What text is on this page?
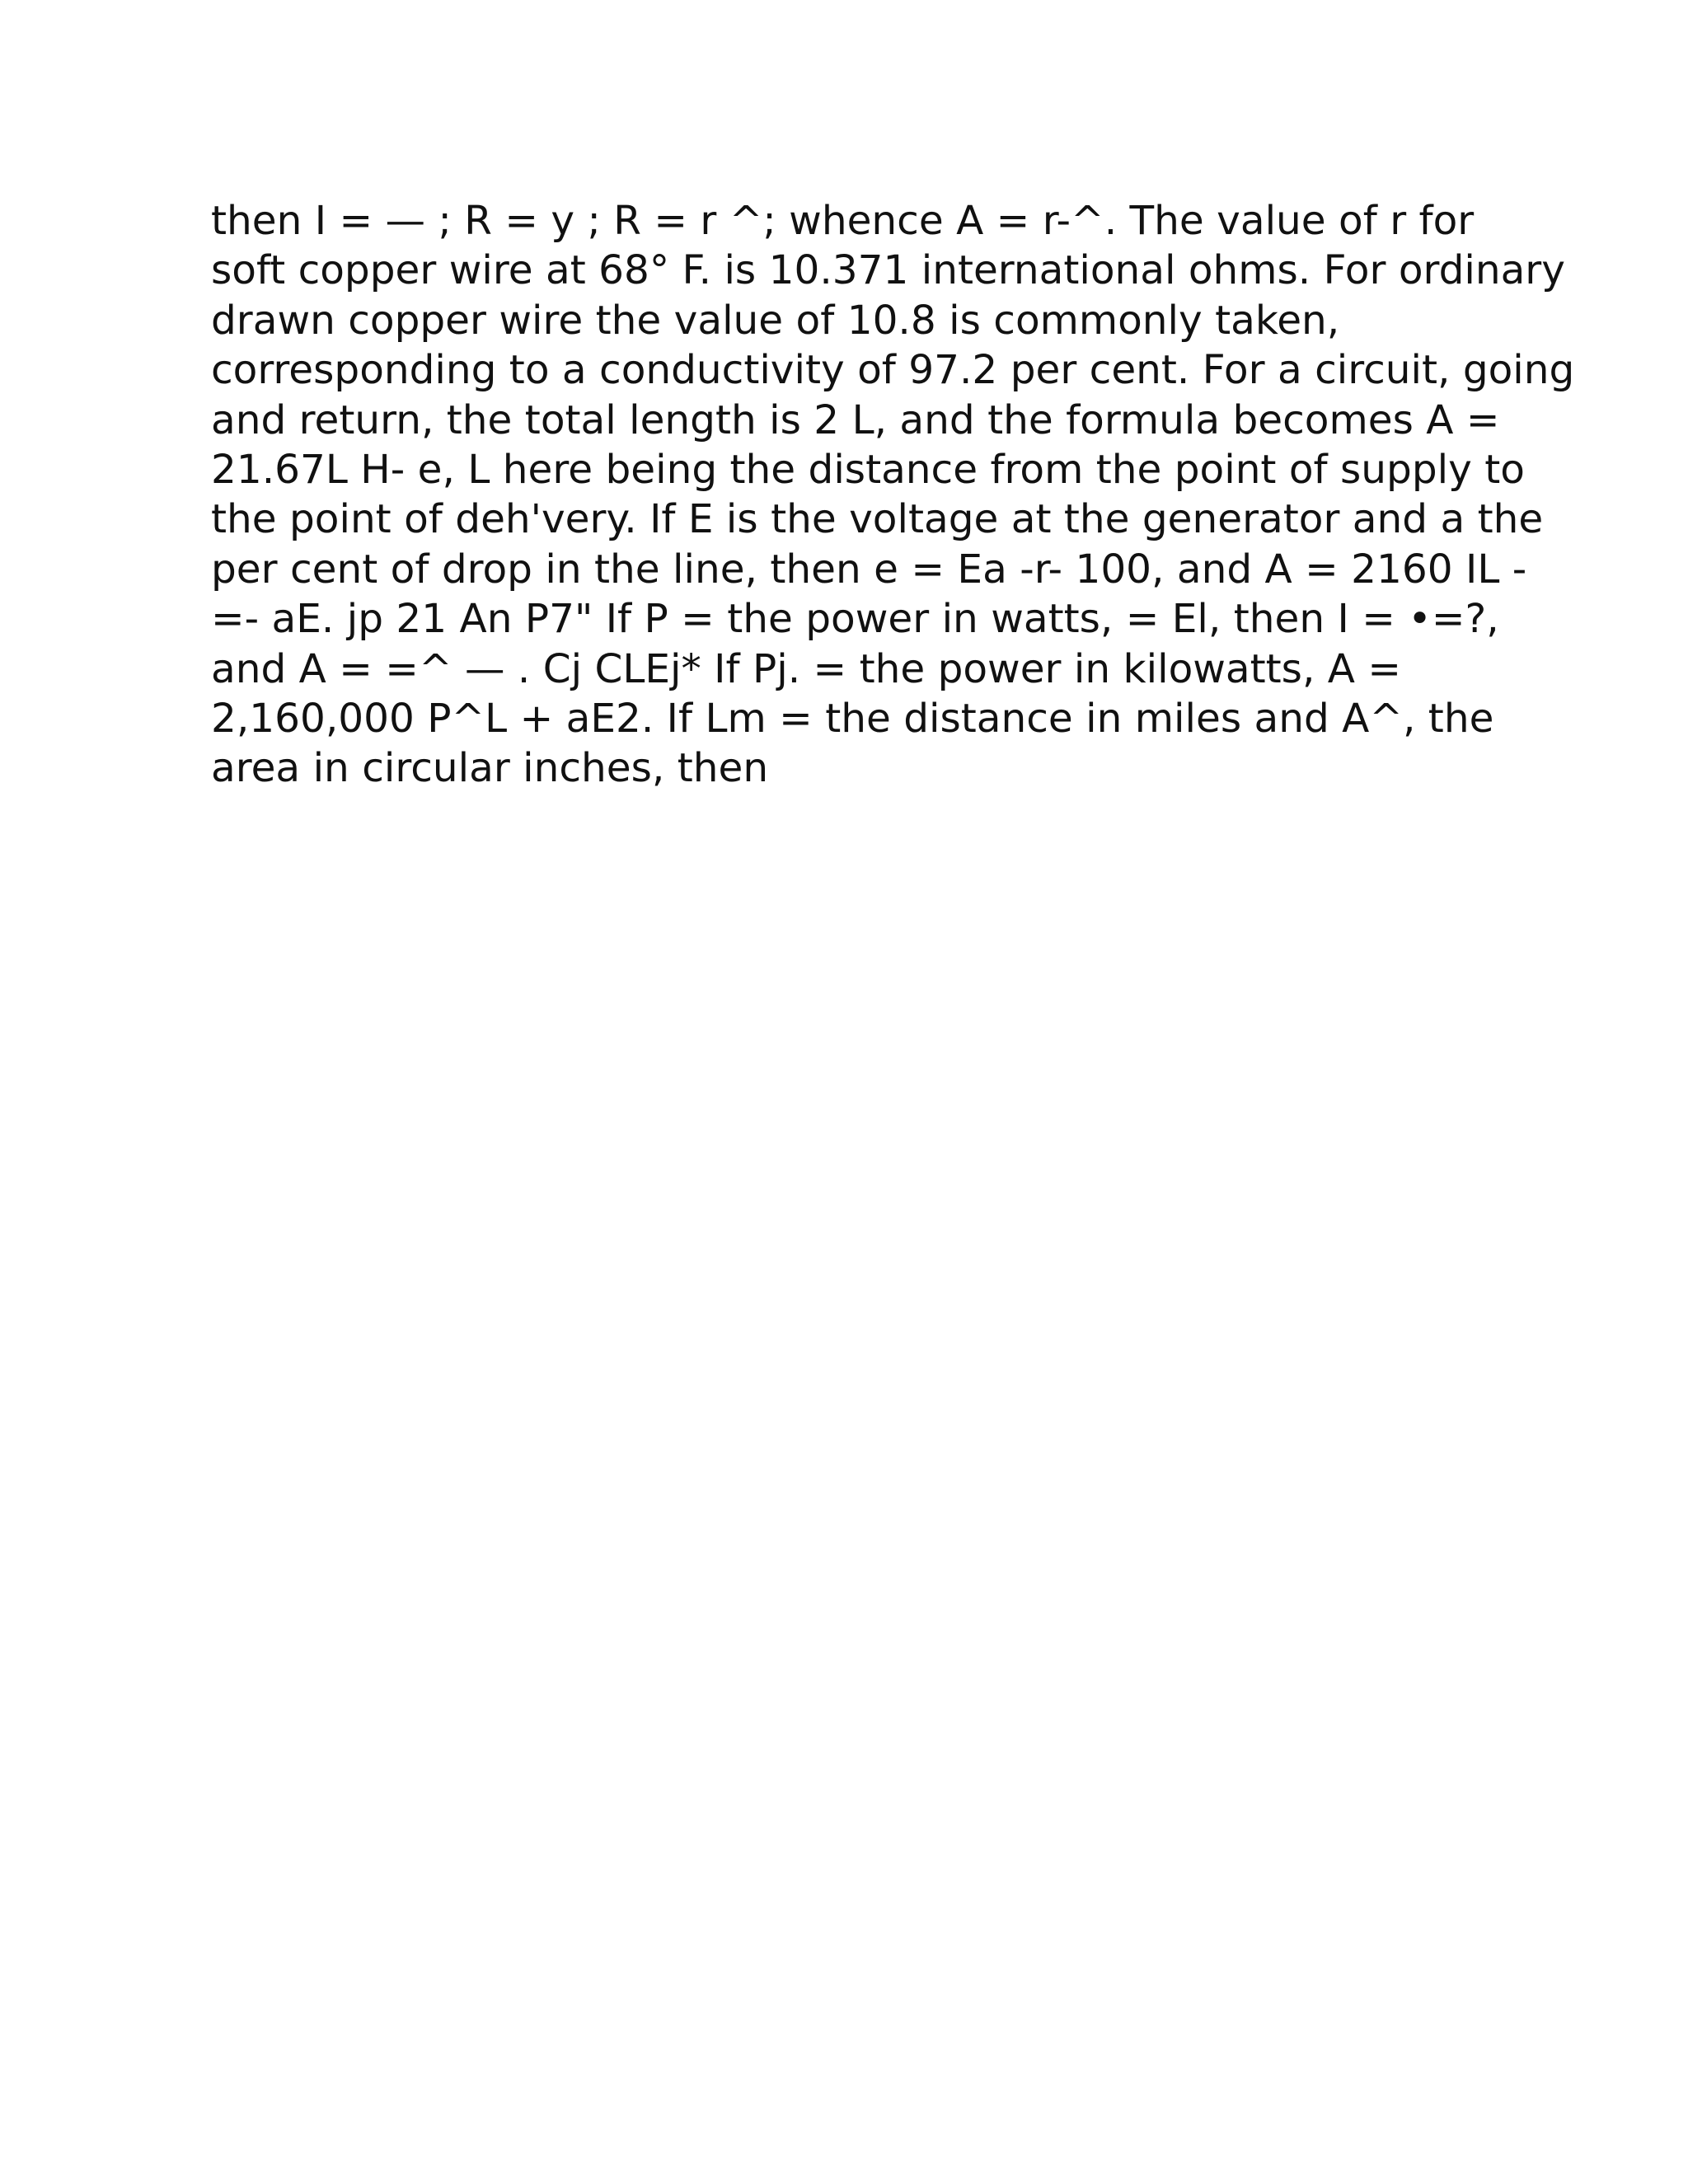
then I = — ; R = y ; R = r ^; whence A = r-^. The value of r for
soft copper wire at 68° F. is 10.371 international ohms. For ordinary
drawn copper wire the value of 10.8 is commonly taken,
corresponding to a conductivity of 97.2 per cent. For a circuit, going
and return, the total length is 2 L, and the formula becomes A =
21.67L H- e, L here being the distance from the point of supply to
the point of deh'very. If E is the voltage at the generator and a the
per cent of drop in the line, then e = Ea -r- 100, and A = 2160 IL -
=- aE. jp 21 An P7" If P = the power in watts, = El, then I = •=?,
and A = =^ — . Cj CLEj* If Pj. = the power in kilowatts, A =
2,160,000 P^L + aE2. If Lm = the distance in miles and A^, the
area in circular inches, then
